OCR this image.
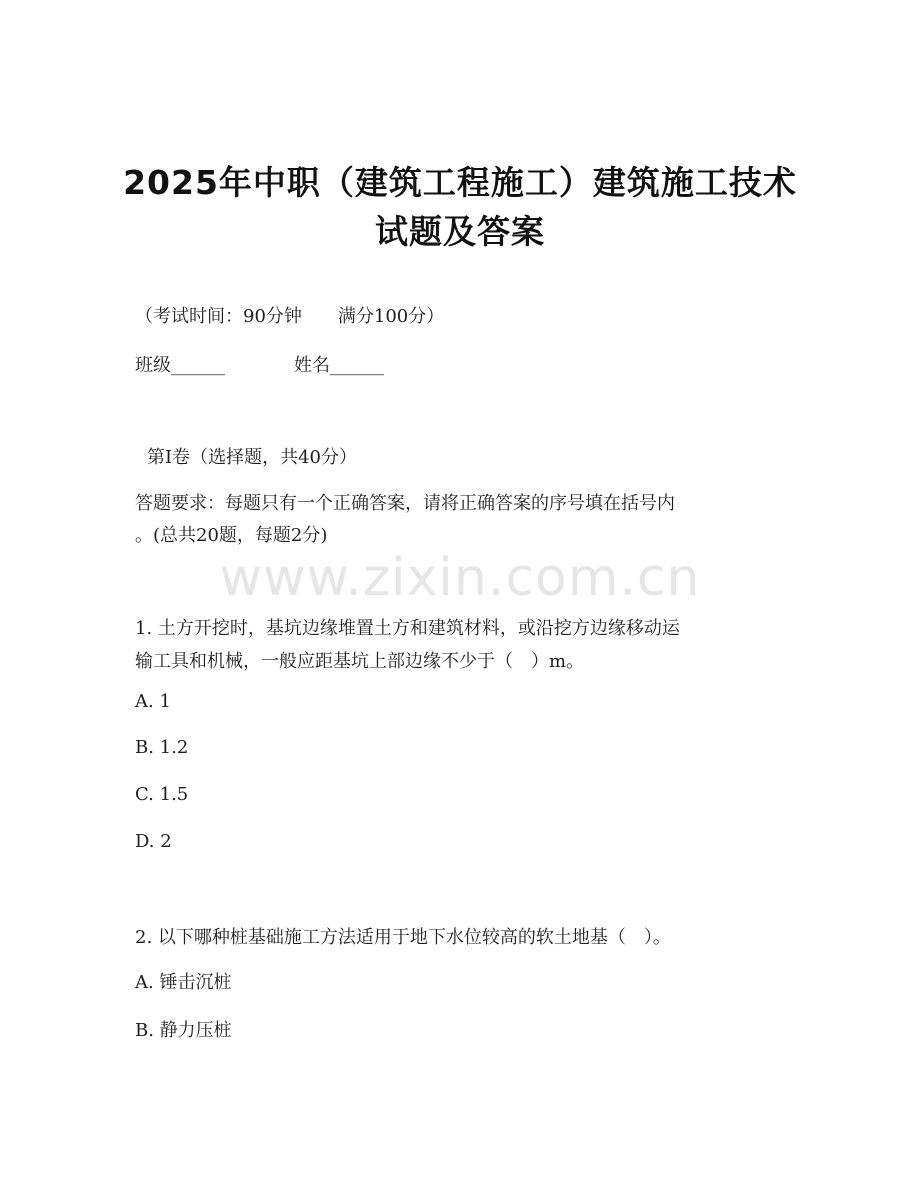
2025年中职（建筑工程施工）建筑施工技术
试题及答案
（考试时间：90分钟　　满分100分）
班级______	姓名______
第I卷（选择题，共40分）
答题要求：每题只有一个正确答案，请将正确答案的序号填在括号内
。(总共20题，每题2分)
www.zixin.com.cn
1. 土方开挖时，基坑边缘堆置土方和建筑材料，或沿挖方边缘移动运
输工具和机械，一般应距基坑上部边缘不少于（　）m。
A. 1
B. 1.2
C. 1.5
D. 2
2. 以下哪种桩基础施工方法适用于地下水位较高的软土地基（　）。
A. 锤击沉桩
B. 静力压桩
